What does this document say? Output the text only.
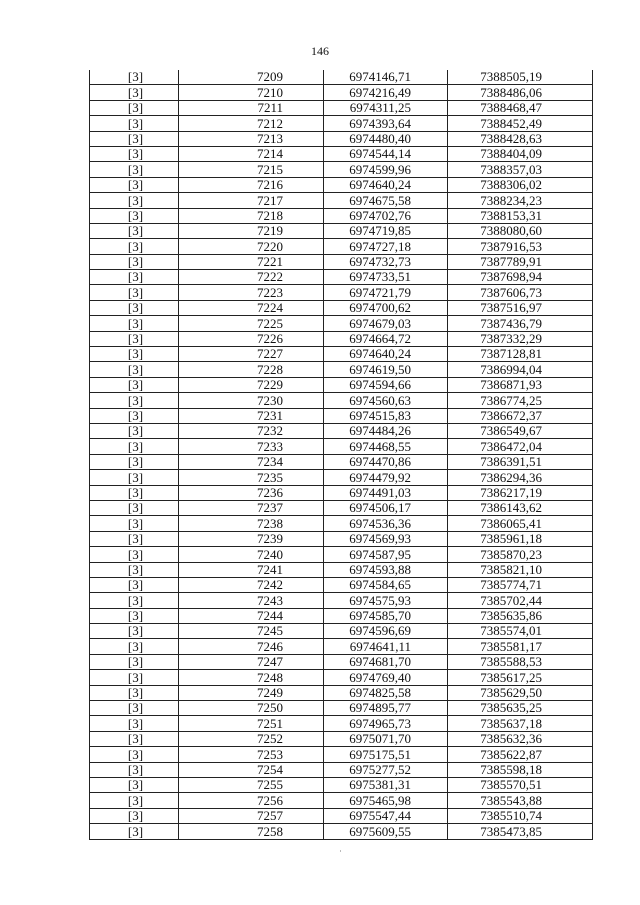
146
[3]	7209	6974146,71	7388505,19
[3]	7210	6974216,49	7388486,06
[3]	7211	6974311,25	7388468,47
[3]	7212	6974393,64	7388452,49
[3]	7213	6974480,40	7388428,63
[3]	7214	6974544,14	7388404,09
[3]	7215	6974599,96	7388357,03
[3]	7216	6974640,24	7388306,02
[3]	7217	6974675,58	7388234,23
[3]	7218	6974702,76	7388153,31
[3]	7219	6974719,85	7388080,60
[3]	7220	6974727,18	7387916,53
[3]	7221	6974732,73	7387789,91
[3]	7222	6974733,51	7387698,94
[3]	7223	6974721,79	7387606,73
[3]	7224	6974700,62	7387516,97
[3]	7225	6974679,03	7387436,79
[3]	7226	6974664,72	7387332,29
[3]	7227	6974640,24	7387128,81
[3]	7228	6974619,50	7386994,04
[3]	7229	6974594,66	7386871,93
[3]	7230	6974560,63	7386774,25
[3]	7231	6974515,83	7386672,37
[3]	7232	6974484,26	7386549,67
[3]	7233	6974468,55	7386472,04
[3]	7234	6974470,86	7386391,51
[3]	7235	6974479,92	7386294,36
[3]	7236	6974491,03	7386217,19
[3]	7237	6974506,17	7386143,62
[3]	7238	6974536,36	7386065,41
[3]	7239	6974569,93	7385961,18
[3]	7240	6974587,95	7385870,23
[3]	7241	6974593,88	7385821,10
[3]	7242	6974584,65	7385774,71
[3]	7243	6974575,93	7385702,44
[3]	7244	6974585,70	7385635,86
[3]	7245	6974596,69	7385574,01
[3]	7246	6974641,11	7385581,17
[3]	7247	6974681,70	7385588,53
[3]	7248	6974769,40	7385617,25
[3]	7249	6974825,58	7385629,50
[3]	7250	6974895,77	7385635,25
[3]	7251	6974965,73	7385637,18
[3]	7252	6975071,70	7385632,36
[3]	7253	6975175,51	7385622,87
[3]	7254	6975277,52	7385598,18
[3]	7255	6975381,31	7385570,51
[3]	7256	6975465,98	7385543,88
[3]	7257	6975547,44	7385510,74
[3]	7258	6975609,55	7385473,85
